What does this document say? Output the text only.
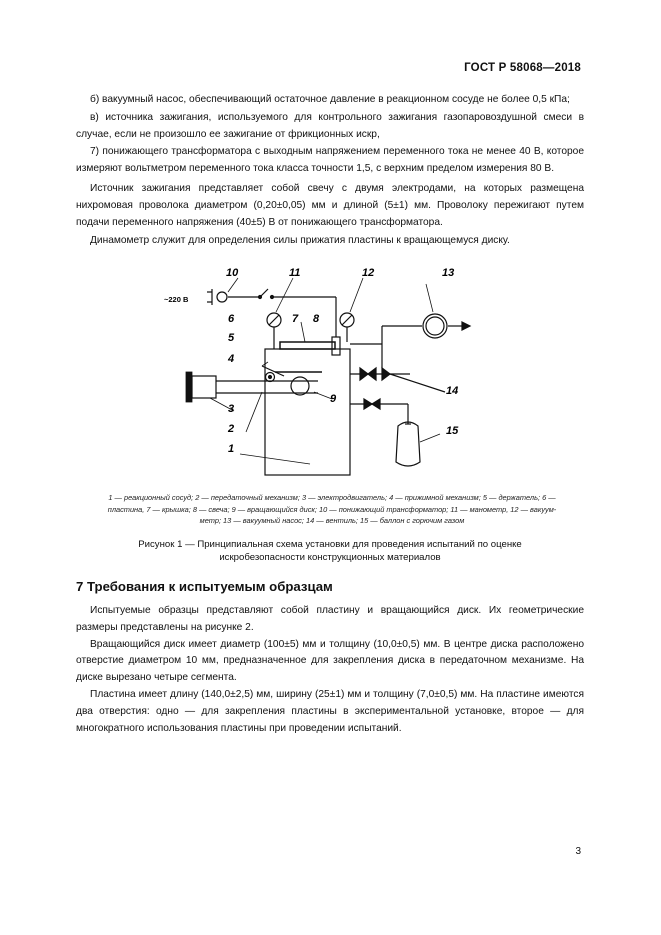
ГОСТ Р 58068—2018

б) вакуумный насос, обеспечивающий остаточное давление в реакционном сосуде не более 0,5 кПа;

в) источника зажигания, используемого для контрольного зажигания газопаровоздушной смеси в случае, если не произошло ее зажигание от фрикционных искр,

7) понижающего трансформатора с выходным напряжением переменного тока не менее 40 В, которое измеряют вольтметром переменного тока класса точности 1,5, с верхним пределом измерения 80 В.

Источник зажигания представляет собой свечу с двумя электродами, на которых размещена нихромовая проволока диаметром (0,20±0,05) мм и длиной (5±1) мм. Проволоку пережигают путем подачи переменного напряжения (40±5) В от понижающего трансформатора.

Динамометр служит для определения силы прижатия пластины к вращающемуся диску.

10	11	12	13
~220 В
6	7 8
5
4
3
2
1
9
14
15
1 — реакционный сосуд; 2 — передаточный механизм; 3 — электродвигатель; 4 — прижимной механизм; 5 — держатель; 6 —
пластина, 7 — крышка; 8 — свеча; 9 — вращающийся диск; 10 — понижающий трансформатор; 11 — манометр, 12 — вакуум-
метр; 13 — вакуумный насос; 14 — вентиль; 15 — баллон с горючим газом
Рисунок 1 — Принципиальная схема установки для проведения испытаний по оценке
искробезопасности конструкционных материалов
7 Требования к испытуемым образцам

Испытуемые образцы представляют собой пластину и вращающийся диск. Их геометрические размеры представлены на рисунке 2.

Вращающийся диск имеет диаметр (100±5) мм и толщину (10,0±0,5) мм. В центре диска расположено отверстие диаметром 10 мм, предназначенное для закрепления диска в передаточном механизме. На диске вырезано четыре сегмента.

Пластина имеет длину (140,0±2,5) мм, ширину (25±1) мм и толщину (7,0±0,5) мм. На пластине имеются два отверстия: одно — для закрепления пластины в экспериментальной установке, второе — для многократного использования пластины при проведении испытаний.

3
